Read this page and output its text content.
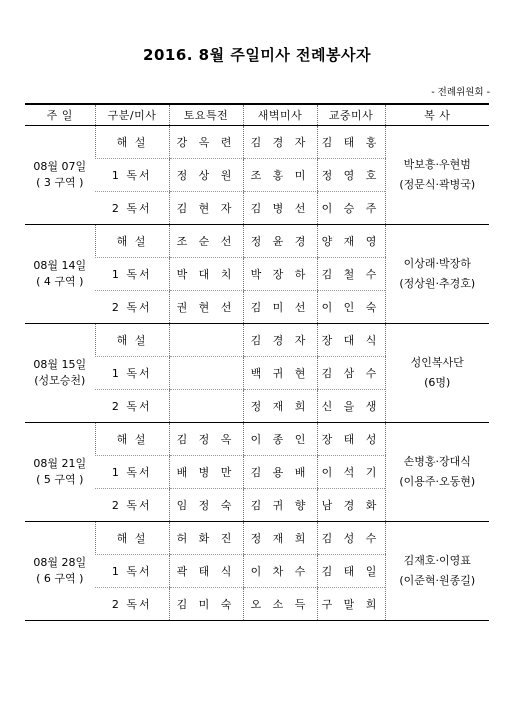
2016. 8월 주일미사 전례봉사자
- 전례위원회 -
주 일	구분/미사	토요특전	새벽미사	교중미사	복 사

08월 07일
( 3 구역 )	해 설	강 옥 련	김 경 자	김 태 홍	박보흥·우현범
(정문식·곽병국)

	1 독서	정 상 원	조 홍 미	정 영 호	
	2 독서	김 현 자	김 병 선	이 승 주	

08월 14일
( 4 구역 )	해 설	조 순 선	정 윤 경	양 재 영	이상래·박장하
(정상원·추경호)

	1 독서	박 대 치	박 장 하	김 철 수	
	2 독서	권 현 선	김 미 선	이 인 숙	

08월 15일
(성모승천)	해 설		김 경 자	장 대 식	성인복사단
(6명)

	1 독서		백 귀 현	김 삼 수	
	2 독서		정 재 희	신 을 생	

08월 21일
( 5 구역 )	해 설	김 정 옥	이 종 인	장 태 성	손병홍·장대식
(이용주·오동현)

	1 독서	배 병 만	김 용 배	이 석 기	
	2 독서	임 정 숙	김 귀 향	남 경 화	

08월 28일
( 6 구역 )	해 설	허 화 진	정 재 희	김 성 수	김재호·이영표
(이준혁·원종길)

	1 독서	곽 태 식	이 차 수	김 태 일	
	2 독서	김 미 숙	오 소 득	구 말 희	
